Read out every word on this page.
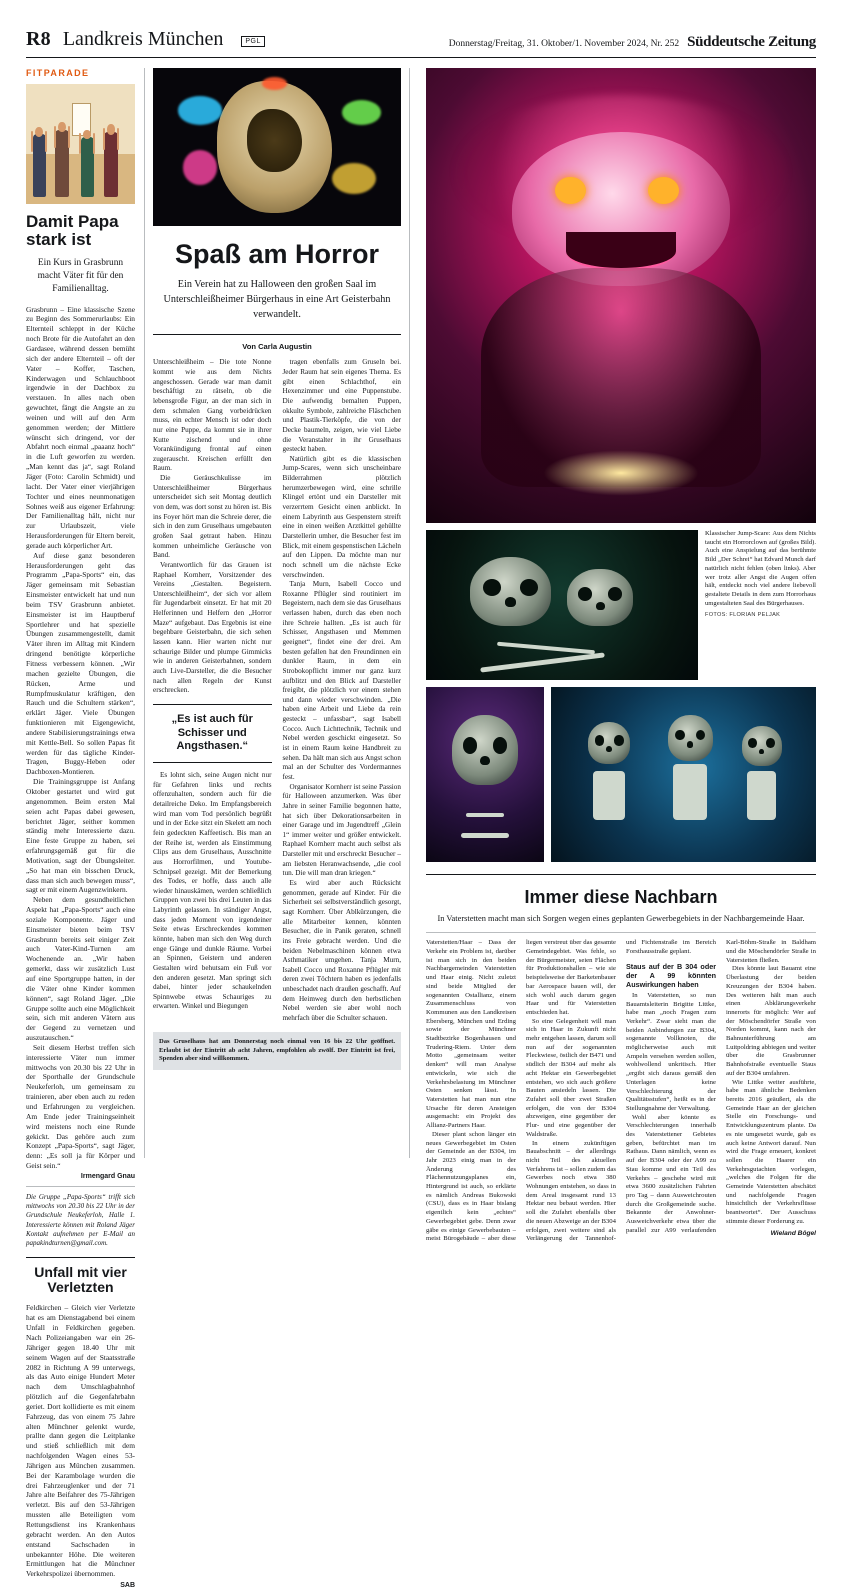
R8 Landkreis München	PGL	Donnerstag/Freitag, 31. Oktober/1. November 2024, Nr. 252 Süddeutsche Zeitung
FITPARADE
Damit Papa stark ist
Ein Kurs in Grasbrunn macht Väter fit für den Familienalltag.

Grasbrunn – Eine klassische Szene zu Beginn des Sommerurlaubs: Ein Elternteil schleppt in der Küche noch Brote für die Autofahrt an den Gardasee, während dessen bemüht sich der andere Elternteil – oft der Vater – Koffer, Taschen, Kinderwagen und Schlauchboot irgendwie in der Dachbox zu verstauen. In alles nach oben gewuchtet, fängt die Angste an zu weinen und will auf den Arm genommen werden; der Mittlere wünscht sich dringend, vor der Abfahrt noch einmal „paaanz hoch“ in die Luft geworfen zu werden. „Man kennt das ja“, sagt Roland Jäger (Foto: Carolin Schmidt) und lacht. Der Vater einer vierjährigen Tochter und eines neunmonatigen Sohnes weiß aus eigener Erfahrung: Der Familienalltag hält, nicht nur zur Urlaubszeit, viele Herausforderungen für Eltern bereit, gerade auch körperlicher Art.

Auf diese ganz besonderen Herausforderungen geht das Programm „Papa-Sports“ ein, das Jäger gemeinsam mit Sebastian Einsmeister entwickelt hat und nun beim TSV Grasbrunn anbietet. Einsmeister ist im Hauptberuf Sportlehrer und hat spezielle Übungen zusammengestellt, damit Väter ihren im Alltag mit Kindern dringend benötigte körperliche Fitness verbessern können. „Wir machen gezielte Übungen, die Rücken, Arme und Rumpfmuskulatur kräftigen, den Rauch und die Schultern stärken“, erklärt Jäger. Viele Übungen funktionieren mit Eigengewicht, andere Stabilisierungstrainings etwa mit Kettle-Bell. So sollen Papas fit werden für das tägliche Kinder-Tragen, Buggy-Heben oder Dachboxen-Montieren.

Die Trainingsgruppe ist Anfang Oktober gestartet und wird gut angenommen. Beim ersten Mal seien acht Papas dabei gewesen, berichtet Jäger, seither kommen ständig mehr Interessierte dazu. Eine feste Gruppe zu haben, sei erfahrungsgemäß gut für die Motivation, sagt der Übungsleiter. „So hat man ein bisschen Druck, dass man sich auch bewegen muss“, sagt er mit einem Augenzwinkern.

Neben dem gesundheitlichen Aspekt hat „Papa-Sports“ auch eine soziale Komponente. Jäger und Einsmeister bieten beim TSV Grasbrunn bereits seit einiger Zeit auch Vater-Kind-Turnen am Wochenende an. „Wir haben gemerkt, dass wir zusätzlich Lust auf eine Sportgruppe hatten, in der die Väter ohne Kinder kommen können“, sagt Roland Jäger. „Die Gruppe sollte auch eine Möglichkeit sein, sich mit anderen Vätern aus der Gegend zu vernetzen und auszutauschen.“

Seit diesem Herbst treffen sich interessierte Väter nun immer mittwochs von 20.30 bis 22 Uhr in der Sporthalle der Grundschule Neukeferloh, um gemeinsam zu trainieren, aber eben auch zu reden und Erfahrungen zu vergleichen. Am Ende jeder Trainingseinheit wird meistens noch eine Runde gekickt. Das gehöre auch zum Konzept „Papa-Sports“, sagt Jäger, denn: „Es soll ja für Körper und Geist sein.“

Irmengard Gnau
Die Gruppe „Papa-Sports“ trifft sich mittwochs von 20.30 bis 22 Uhr in der Grundschule Neukeferloh, Halle 1. Interessierte können mit Roland Jäger Kontakt aufnehmen per E-Mail an papakindturnen@gmail.com.
Unfall mit vier Verletzten

Feldkirchen – Gleich vier Verletzte hat es am Dienstagabend bei einem Unfall in Feldkirchen gegeben. Nach Polizeiangaben war ein 26-Jähriger gegen 18.40 Uhr mit seinem Wagen auf der Staatsstraße 2082 in Richtung A 99 unterwegs, als das Auto einige Hundert Meter nach dem Umschlagbahnhof plötzlich auf die Gegenfahrbahn geriet. Dort kollidierte es mit einem Fahrzeug, das von einem 75 Jahre alten Münchner gelenkt wurde, prallte dann gegen die Leitplanke und stieß schließlich mit dem nachfolgenden Wagen eines 53-Jährigen aus München zusammen. Bei der Karambolage wurden die drei Fahrzeuglenker und der 71 Jahre alte Beifahrer des 75-Jährigen verletzt. Bis auf den 53-Jährigen mussten alle Beteiligten vom Rettungsdienst ins Krankenhaus gebracht werden. An den Autos entstand Sachschaden in unbekannter Höhe. Die weiteren Ermittlungen hat die Münchner Verkehrspolizei übernommen.

SAB
Spaß am Horror
Ein Verein hat zu Halloween den großen Saal im Unterschleißheimer Bürgerhaus in eine Art Geisterbahn verwandelt.
Von Carla Augustin

Unterschleißheim – Die tote Nonne kommt wie aus dem Nichts angeschossen. Gerade war man damit beschäftigt zu rätseln, ob die lebensgroße Figur, an der man sich in dem schmalen Gang vorbeidrücken muss, ein echter Mensch ist oder doch nur eine Puppe, da kommt sie in ihrer Kutte zischend und ohne Vorankündigung frontal auf einen zugerauscht. Kreischen erfüllt den Raum.

Die Geräuschkulisse im Unterschleißheimer Bürgerhaus unterscheidet sich seit Montag deutlich von dem, was dort sonst zu hören ist. Bis ins Foyer hört man die Schreie derer, die sich in den zum Gruselhaus umgebauten großen Saal getraut haben. Hinzu kommen unheimliche Geräusche von Band.

Verantwortlich für das Grauen ist Raphael Kornherr, Vorsitzender des Vereins „Gestalten. Begeistern. Unterschleißheim“, der sich vor allem für Jugendarbeit einsetzt. Er hat mit 20 Helferinnen und Helfern den „Horror Maze“ aufgebaut. Das Ergebnis ist eine begehbare Geisterbahn, die sich sehen lassen kann. Hier warten nicht nur schaurige Bilder und plumpe Gimmicks wie in anderen Geisterbahnen, sondern auch Live-Darsteller, die die Besucher nach allen Regeln der Kunst erschrecken.

„Es ist auch für Schisser und Angsthasen.“

Es lohnt sich, seine Augen nicht nur für Gefahren links und rechts offenzuhalten, sondern auch für die detailreiche Deko. Im Empfangsbereich wird man vom Tod persönlich begrüßt und in der Ecke sitzt ein Skelett am noch fein gedeckten Kaffeetisch. Bis man an der Reihe ist, werden als Einstimmung Clips aus dem Gruselhaus, Ausschnitte aus Horrorfilmen, und Youtube-Schnipsel gezeigt. Mit der Bemerkung des Todes, er hoffe, dass auch alle wieder hinauskämen, werden schließlich Gruppen von zwei bis drei Leuten in das Labyrinth gelassen. In ständiger Angst, dass jeden Moment von irgendeiner Seite etwas Erschreckendes kommen könnte, haben man sich den Weg durch enge Gänge und dunkle Räume. Vorbei an Spinnen, Geistern und anderen Gestalten wird behutsam ein Fuß vor den anderen gesetzt. Man springt sich dabei, hinter jeder schaukelnden Spinnwebe etwas Schauriges zu erwarten. Winkel und Biegungen

tragen ebenfalls zum Gruseln bei. Jeder Raum hat sein eigenes Thema. Es gibt einen Schlachthof, ein Hexenzimmer und eine Puppenstube. Die aufwendig bemalten Puppen, okkulte Symbole, zahlreiche Fläschchen und Plastik-Tierköpfe, die von der Decke baumeln, zeigen, wie viel Liebe die Veranstalter in ihr Gruselhaus gesteckt haben.

Natürlich gibt es die klassischen Jump-Scares, wenn sich unscheinbare Bilderrahmen plötzlich herumzerbewegen wird, eine schrille Klingel ertönt und ein Darsteller mit verzerrtem Gesicht einen anblickt. In einem Labyrinth aus Gespenstern streift eine in einen weißen Arztkittel gehüllte Darstellerin umher, die Besucher fest im Blick, mit einem gespenstischen Lächeln auf den Lippen. Da möchte man nur noch schnell um die nächste Ecke verschwinden.

Tanja Murn, Isabell Cocco und Roxanne Pflügler sind routiniert im Begeistern, nach dem sie das Gruselhaus verlassen haben, durch das eben noch ihre Schreie hallten. „Es ist auch für Schisser, Angsthasen und Memmen geeignet“, findet eine der drei. Am besten gefallen hat den Freundinnen ein dunkler Raum, in dem ein Strobokopflicht immer nur ganz kurz aufblitzt und den Blick auf Darsteller freigibt, die plötzlich vor einem stehen und dann wieder verschwinden. „Die haben eine Arbeit und Liebe da rein gesteckt – unfassbar“, sagt Isabell Cocco. Auch Lichttechnik, Technik und Nebel werden geschickt eingesetzt. So ist in einem Raum keine Handbreit zu sehen. Da hält man sich aus Angst schon mal an der Schulter des Vordermannes fest.

Organisator Kornherr ist seine Passion für Halloween anzumerken. Was über Jahre in seiner Familie begonnen hatte, hat sich über Dekorationsarbeiten in einer Garage und im Jugendtreff „Glein 1“ immer weiter und größer entwickelt. Raphael Kornherr macht auch selbst als Darsteller mit und erschreckt Besucher – am liebsten Heranwachsende, „die cool tun. Die will man dran kriegen.“

Es wird aber auch Rücksicht genommen, gerade auf Kinder. Für die Sicherheit sei selbstverständlich gesorgt, sagt Kornherr. Über Ablkürzungen, die alle Mitarbeiter kennen, könnten Besucher, die in Panik geraten, schnell ins Freie gebracht werden. Und die beiden Nebelmaschinen können etwa Asthmatiker umgehen. Tanja Murn, Isabell Cocco und Roxanne Pflügler mit deren zwei Töchtern haben es jedenfalls unbeschadet nach draußen geschafft. Auf dem Heimweg durch den herbstlichen Nebel werden sie aber wohl noch mehrfach über die Schulter schauen.

Das Gruselhaus hat am Donnerstag noch einmal von 16 bis 22 Uhr geöffnet. Erlaubt ist der Eintritt ab acht Jahren, empfohlen ab zwölf. Der Eintritt ist frei, Spenden aber sind willkommen.
Klassischer Jump-Scare: Aus dem Nichts taucht ein Horrorclown auf (großes Bild). Auch eine Anspielung auf das berühmte Bild „Der Schrei“ hat Edvard Munch darf natürlich nicht fehlen (oben links). Aber wer trotz aller Angst die Augen offen hält, entdeckt noch viel andere liebevoll gestaltete Details in dem zum Horrorhaus umgestalteten Saal des Bürgerhauses.
FOTOS: FLORIAN PELJAK
Immer diese Nachbarn
In Vaterstetten macht man sich Sorgen wegen eines geplanten Gewerbegebiets in der Nachbargemeinde Haar.

Vaterstetten/Haar – Dass der Verkehr ein Problem ist, darüber ist man sich in den beiden Nachbargemeinden Vaterstetten und Haar einig. Nicht zuletzt sind beide Mitglied der sogenannten Ostallianz, einem Zusammenschluss von Kommunen aus den Landkreisen Ebersberg, München und Erding sowie der Münchner Stadtbezirke Bogenhausen und Trudering-Riem. Unter dem Motto „gemeinsam weiter denken“ will man Analyse entwickeln, wie sich die Verkehrsbelastung im Münchner Osten senken lässt. In Vaterstetten hat man nun eine Ursache für deren Ansteigen ausgemacht: ein Projekt des Allianz-Partners Haar.

Dieser plant schon länger ein neues Gewerbegebiet im Osten der Gemeinde an der B304, im Jahr 2023 einig man in der Änderung des Flächennutzungsplanes ein, Hintergrund ist auch, so erklärte es nämlich Andreas Bukowski (CSU), dass es in Haar bislang eigentlich kein „echtes“ Gewerbegebiet gebe. Denn zwar gäbe es einige Gewerbebauten – meist Bürogebäude – aber diese liegen verstreut über das gesamte Gemeindegebiet. Was fehle, so der Bürgermeister, seien Flächen für Produktionshallen – wie sie beispielsweise der Barketenbauer bar Aerospace bauen will, der sich wohl auch darum gegen Haar und für Vaterstetten entschieden hat.

So eine Gelegenheit will man sich in Haar in Zukunft nicht mehr entgehen lassen, darum soll nun auf der sogenannten Fleckwiese, östlich der B471 und südlich der B304 auf mehr als acht Hektar ein Gewerbegebiet entstehen, wo sich auch größere Bauten ansiedeln lassen. Die Zufahrt soll über zwei Straßen erfolgen, die von der B304 abzweigen, eine gegenüber der Flur- und eine gegenüber der Waldstraße.

In einem zukünftigen Bauabschnitt – der allerdings nicht Teil des aktuellen Verfahrens ist – sollen zudem das Gewerbes noch etwa 380 Wohnungen entstehen, so dass in dem Areal insgesamt rund 13 Hektar neu bebaut werden. Hier soll die Zufahrt ebenfalls über die neuen Abzweige an der B304 erfolgen, zwei weitere sind als Verlängerung der Tannenhof- und Fichtenstraße im Bereich Forsthausstraße geplant.

Staus auf der B 304 oder der A 99 könnten Auswirkungen haben

In Vaterstetten, so nun Bauamtsleiterin Brigitte Littke, habe man „noch Fragen zum Verkehr“. Zwar sieht man die beiden Anbindungen zur B304, sogenannte Vollknoten, die möglicherweise auch mit Ampeln versehen werden sollen, wohlwollend unkritisch. Hier „ergibt sich daraus gemäß den Unterlagen keine Verschlechterung der Qualitätsstufen“, heißt es in der Stellungnahme der Verwaltung.

Wohl aber könnte es Verschlechterungen innerhalb des Vaterstettener Gebietes geben, befürchtet man im Rathaus. Dann nämlich, wenn es auf der B304 oder der A99 zu Stau komme und ein Teil des Verkehrs – geschehe wird mit etwa 3600 zusätzlichen Fahrten pro Tag – dann Ausweichrouten durch die Großgemeinde suche. Bekannte der Anwohner-Ausweichverkehr etwa über die parallel zur A99 verlaufenden Karl-Böhm-Straße in Baldham und die Möschendörfer Straße in Vaterstetten fließen.

Dies könnte laut Bauamt eine Überlastung der beiden Kreuzungen der B304 haben. Des weiteren hält man auch einen Abklärungsverkehr innerorts für möglich: Wer auf der Möschendörfer Straße von Norden kommt, kann nach der Bahnunterführung am Luitpoldring abbiegen und weiter über die Grasbrunner Bahnhofstraße eventuelle Staus auf der B304 umfahren.

Wie Littke weiter ausführte, habe man ähnliche Bedenken bereits 2016 geäußert, als die Gemeinde Haar an der gleichen Stelle ein Forschungs- und Entwicklungszentrum plante. Da es nie umgesetzt wurde, gab es auch keine Antwort darauf. Nun wird die Frage erneuert, konkret sollen die Haarer ein Verkehrsgutachten vorlegen, „welches die Folgen für die Gemeinde Vaterstetten abschätzt und nachfolgende Fragen hinsichtlich der Verkehrsflüsse beantwortet“. Der Ausschuss stimmte dieser Forderung zu.

Wieland Bögel
